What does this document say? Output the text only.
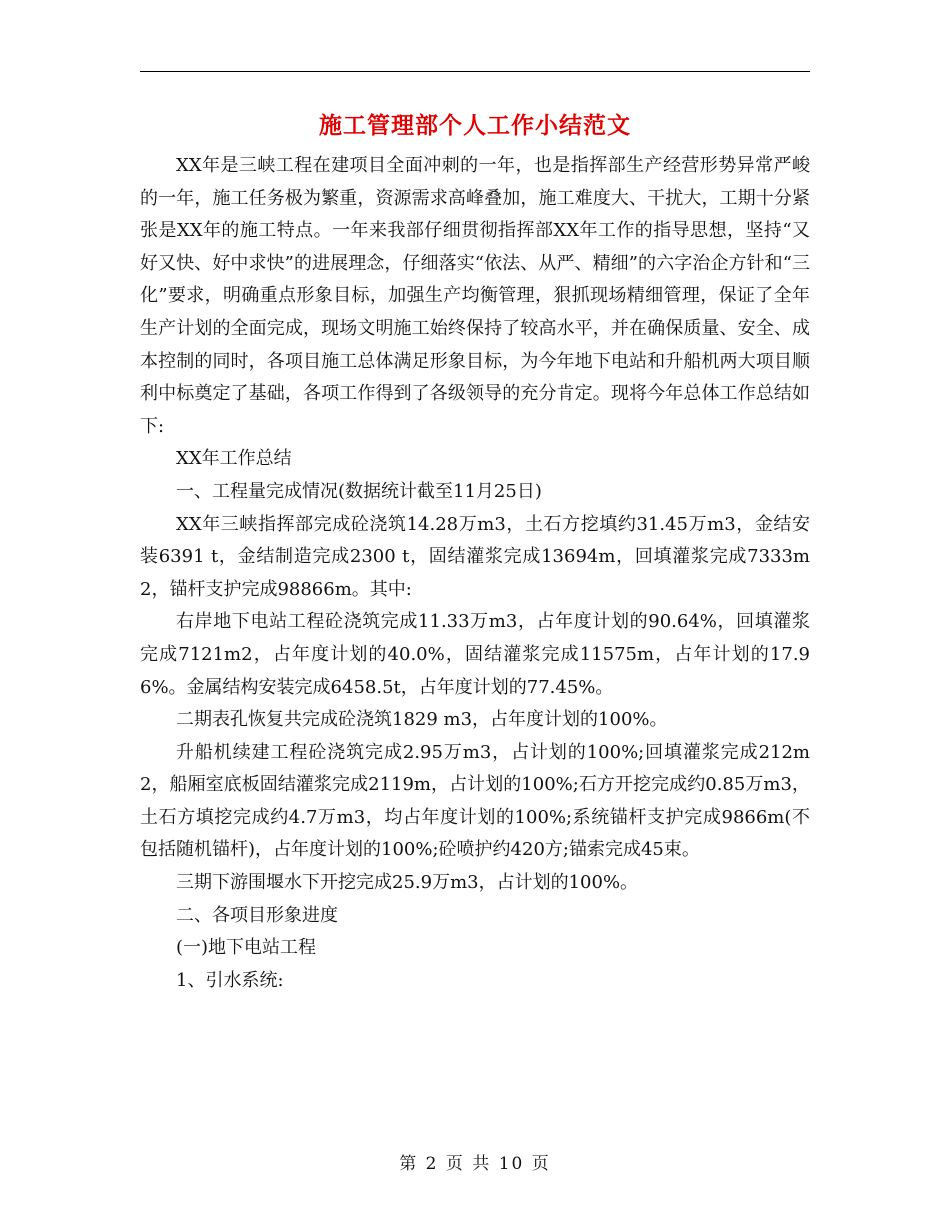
施工管理部个人工作小结范文

XX年是三峡工程在建项目全面冲刺的一年，也是指挥部生产经营形势异常严峻的一年，施工任务极为繁重，资源需求高峰叠加，施工难度大、干扰大，工期十分紧张是XX年的施工特点。一年来我部仔细贯彻指挥部XX年工作的指导思想，坚持“又好又快、好中求快”的进展理念，仔细落实“依法、从严、精细”的六字治企方针和“三化”要求，明确重点形象目标，加强生产均衡管理，狠抓现场精细管理，保证了全年生产计划的全面完成，现场文明施工始终保持了较高水平，并在确保质量、安全、成本控制的同时，各项目施工总体满足形象目标，为今年地下电站和升船机两大项目顺利中标奠定了基础，各项工作得到了各级领导的充分肯定。现将今年总体工作总结如下:

XX年工作总结

一、工程量完成情况(数据统计截至11月25日)

XX年三峡指挥部完成砼浇筑14.28万m3，土石方挖填约31.45万m3，金结安装6391 t，金结制造完成2300 t，固结灌浆完成13694m，回填灌浆完成7333m2，锚杆支护完成98866m。其中:

右岸地下电站工程砼浇筑完成11.33万m3，占年度计划的90.64%，回填灌浆完成7121m2，占年度计划的40.0%，固结灌浆完成11575m，占年计划的17.96%。金属结构安装完成6458.5t，占年度计划的77.45%。

二期表孔恢复共完成砼浇筑1829 m3，占年度计划的100%。

升船机续建工程砼浇筑完成2.95万m3，占计划的100%;回填灌浆完成212m2，船厢室底板固结灌浆完成2119m，占计划的100%;石方开挖完成约0.85万m3，土石方填挖完成约4.7万m3，均占年度计划的100%;系统锚杆支护完成9866m(不包括随机锚杆)，占年度计划的100%;砼喷护约420方;锚索完成45束。

三期下游围堰水下开挖完成25.9万m3，占计划的100%。

二、各项目形象进度

(一)地下电站工程

1、引水系统:

第 2 页 共 10 页
